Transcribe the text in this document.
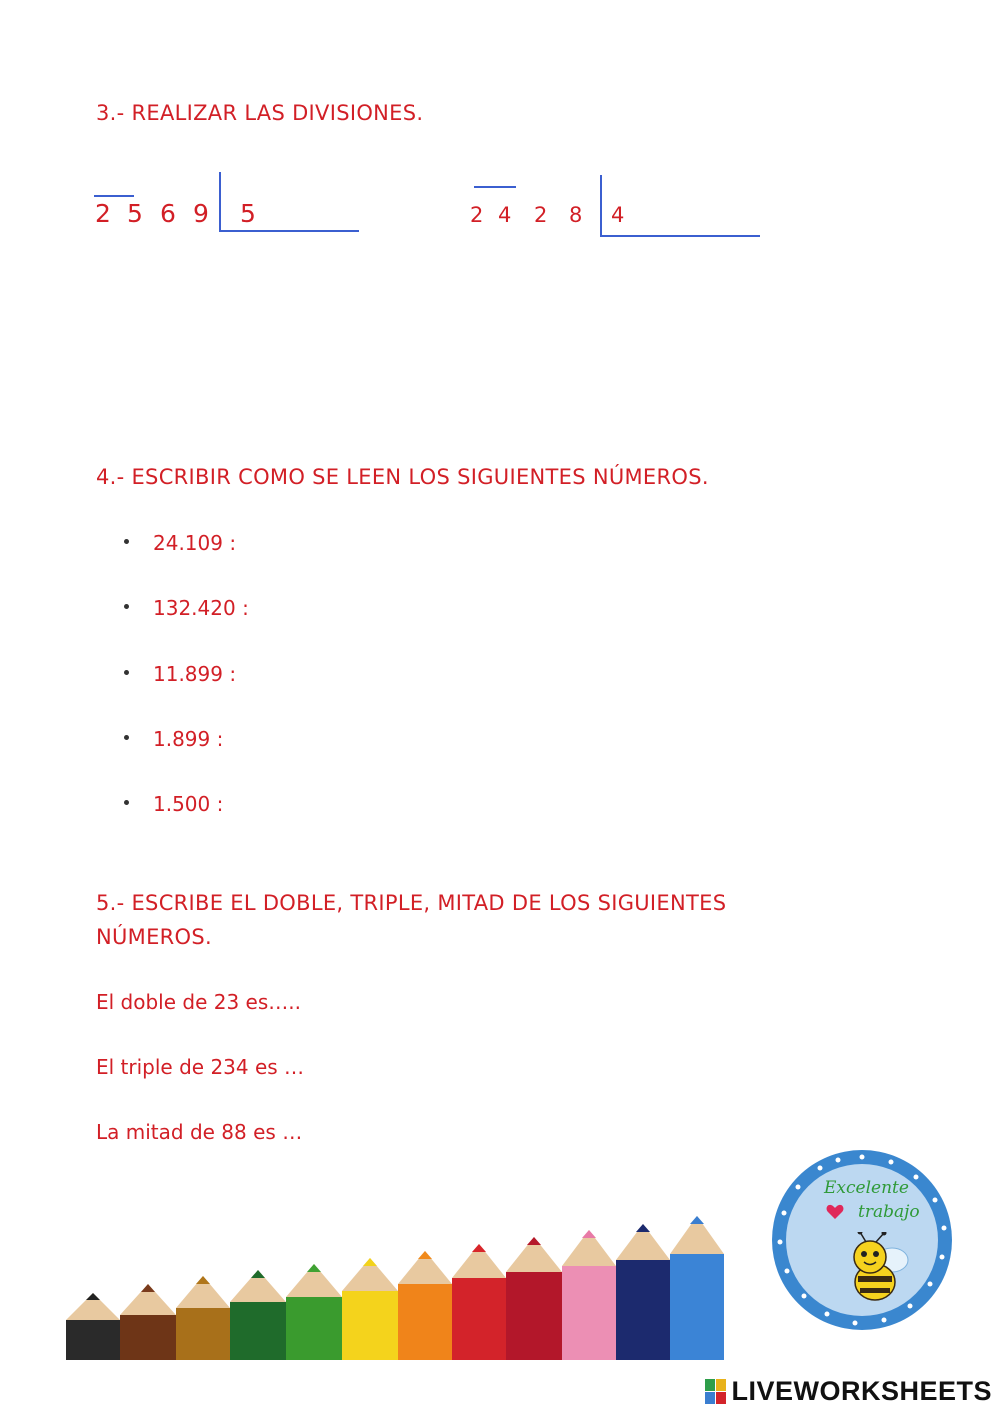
3.- REALIZAR LAS DIVISIONES.
2 5 6 9 5	2 4 2 8 4
4.- ESCRIBIR COMO SE LEEN LOS SIGUIENTES NÚMEROS.
24.109 :
132.420 :
11.899 :
1.899 :
1.500 :
5.- ESCRIBE EL DOBLE, TRIPLE, MITAD DE LOS SIGUIENTES
NÚMEROS.
El doble de 23 es…..
El triple de 234 es …
La mitad de 88 es …
Excelente
trabajo
LIVEWORKSHEETS
